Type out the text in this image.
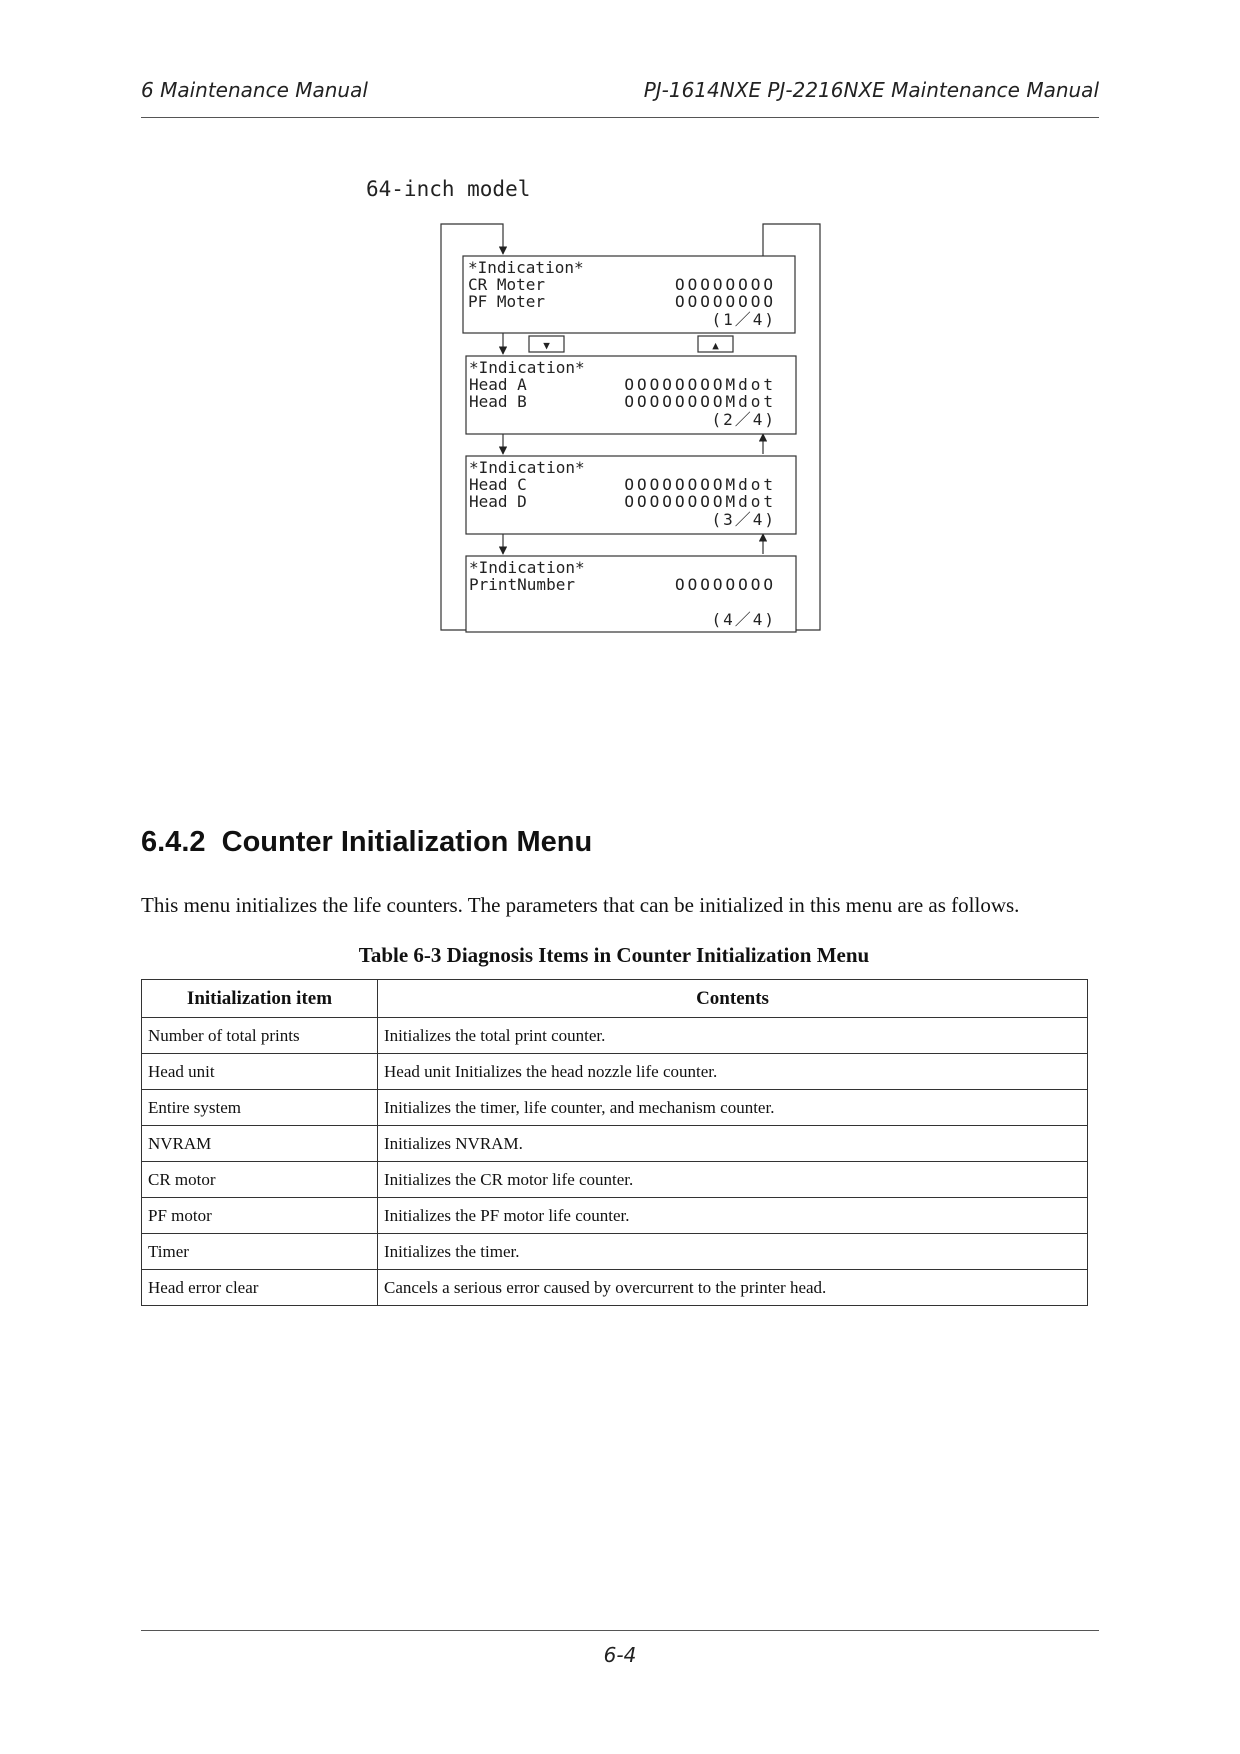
6 Maintenance Manual	PJ-1614NXE PJ-2216NXE Maintenance Manual
64-inch model
▼	▲
*Indication*
CR Moter	OOOOOOOO
PF Moter	OOOOOOOO
(1／4)
*Indication*
Head A	OOOOOOOOMdot
Head B	OOOOOOOOMdot
(2／4)
*Indication*
Head C	OOOOOOOOMdot
Head D	OOOOOOOOMdot
(3／4)
*Indication*
PrintNumber	OOOOOOOO
(4／4)
6.4.2 Counter Initialization Menu

This menu initializes the life counters. The parameters that can be initialized in this menu are as follows.

Table 6-3 Diagnosis Items in Counter Initialization Menu

Initialization item	Contents
Number of total prints	Initializes the total print counter.
Head unit	Head unit Initializes the head nozzle life counter.
Entire system	Initializes the timer, life counter, and mechanism counter.
NVRAM	Initializes NVRAM.
CR motor	Initializes the CR motor life counter.
PF motor	Initializes the PF motor life counter.
Timer	Initializes the timer.
Head error clear	Cancels a serious error caused by overcurrent to the printer head.
6-4
